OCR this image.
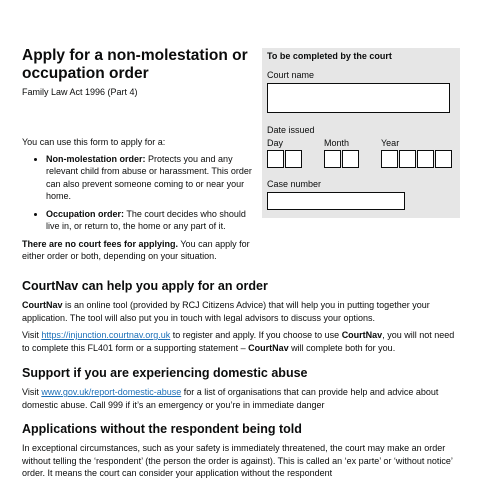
Apply for a non-molestation or occupation order
Family Law Act 1996 (Part 4)
To be completed by the court
Court name
Date issued
Day	Month	Year
Case number

You can use this form to apply for a:

• Non-molestation order: Protects you and any relevant child from abuse or harassment. This order can also prevent someone coming to or near your home.
• Occupation order: The court decides who should live in, or return to, the home or any part of it.

There are no court fees for applying. You can apply for either order or both, depending on your situation.

CourtNav can help you apply for an order

CourtNav is an online tool (provided by RCJ Citizens Advice) that will help you in putting together your application. The tool will also put you in touch with legal advisors to discuss your options.

Visit https://injunction.courtnav.org.uk to register and apply. If you choose to use CourtNav, you will not need to complete this FL401 form or a supporting statement – CourtNav will complete both for you.

Support if you are experiencing domestic abuse

Visit www.gov.uk/report-domestic-abuse for a list of organisations that can provide help and advice about domestic abuse. Call 999 if it’s an emergency or you’re in immediate danger

Applications without the respondent being told

In exceptional circumstances, such as your safety is immediately threatened, the court may make an order without telling the ‘respondent’ (the person the order is against). This is called an ‘ex parte’ or ‘without notice’ order. It means the court can consider your application without the respondent
